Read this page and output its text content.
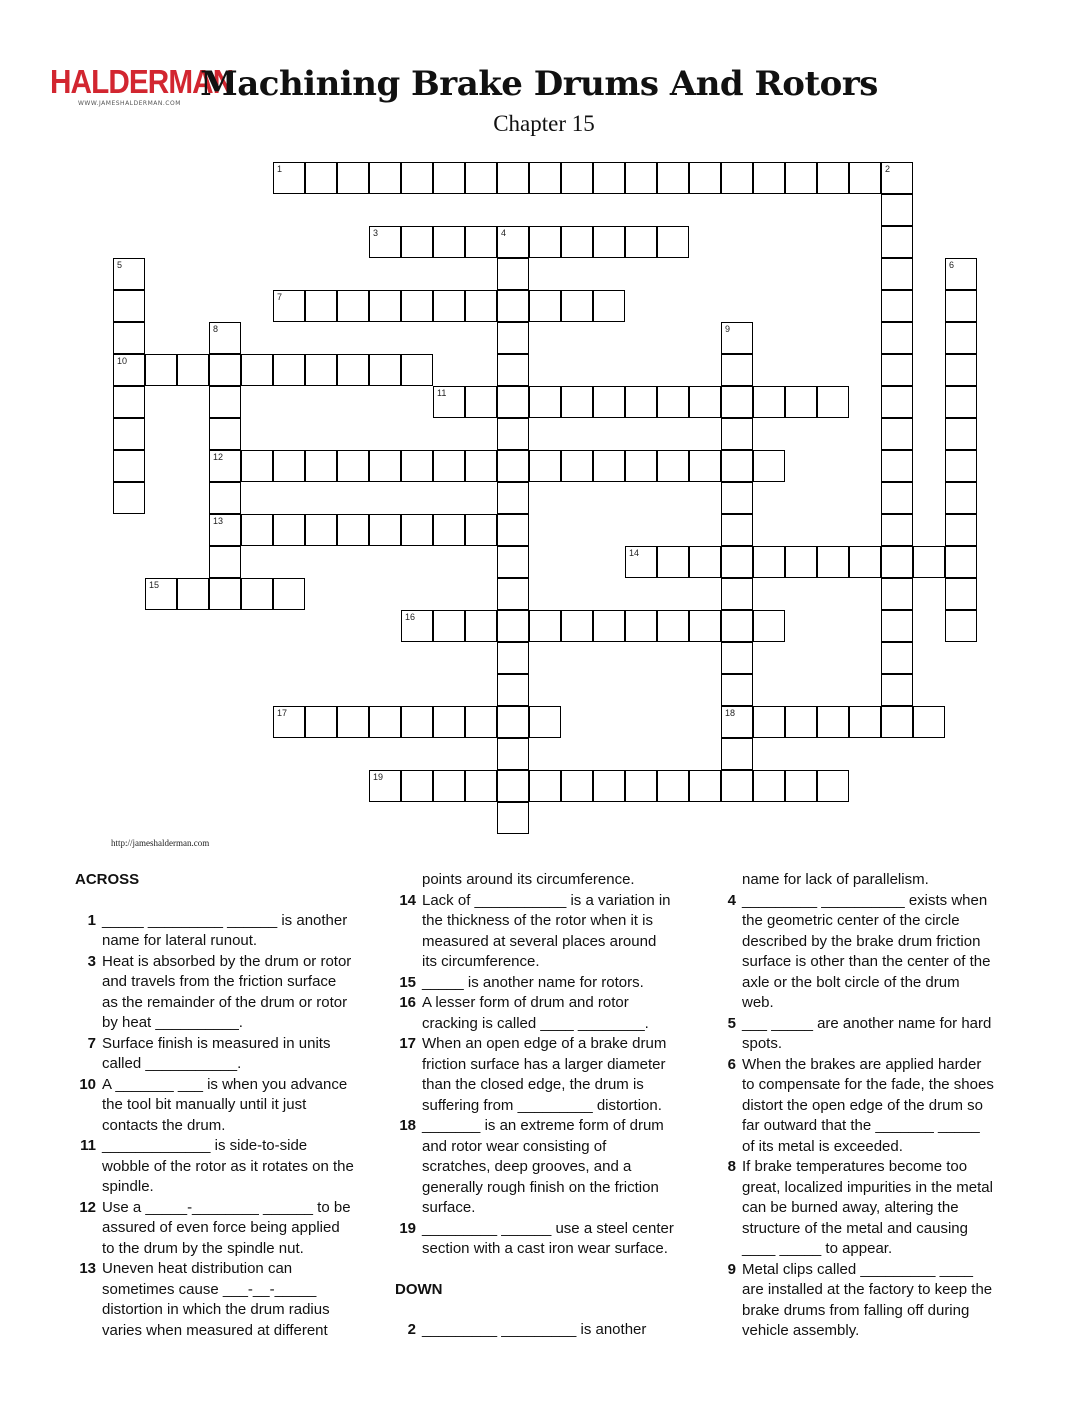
HALDERMAN
WWW.JAMESHALDERMAN.COM Machining Brake Drums And Rotors
Chapter 15
1	2
3	4
5
10
6
7
8
12
13
9
18
11
14
15
16
17
19
http://jameshalderman.com
ACROSS
1 _____ _________ ______ is another
name for lateral runout.
3 Heat is absorbed by the drum or rotor
and travels from the friction surface
as the remainder of the drum or rotor
by heat __________.
7 Surface finish is measured in units
called ___________.
10 A _______ ___ is when you advance
the tool bit manually until it just
contacts the drum.
11 _____________ is side-to-side
wobble of the rotor as it rotates on the
spindle.
12 Use a _____-________ ______ to be
assured of even force being applied
to the drum by the spindle nut.
13 Uneven heat distribution can
sometimes cause ___-__-_____
distortion in which the drum radius
varies when measured at different
points around its circumference.
14 Lack of ___________ is a variation in
the thickness of the rotor when it is
measured at several places around
its circumference.
15 _____ is another name for rotors.
16 A lesser form of drum and rotor
cracking is called ____ ________.
17 When an open edge of a brake drum
friction surface has a larger diameter
than the closed edge, the drum is
suffering from _________ distortion.
18 _______ is an extreme form of drum
and rotor wear consisting of
scratches, deep grooves, and a
generally rough finish on the friction
surface.
19 _________ ______ use a steel center
section with a cast iron wear surface.
DOWN
2 _________ _________ is another
name for lack of parallelism.
4 _________ __________ exists when
the geometric center of the circle
described by the brake drum friction
surface is other than the center of the
axle or the bolt circle of the drum
web.
5 ___ _____ are another name for hard
spots.
6 When the brakes are applied harder
to compensate for the fade, the shoes
distort the open edge of the drum so
far outward that the _______ _____
of its metal is exceeded.
8 If brake temperatures become too
great, localized impurities in the metal
can be burned away, altering the
structure of the metal and causing
____ _____ to appear.
9 Metal clips called _________ ____
are installed at the factory to keep the
brake drums from falling off during
vehicle assembly.
